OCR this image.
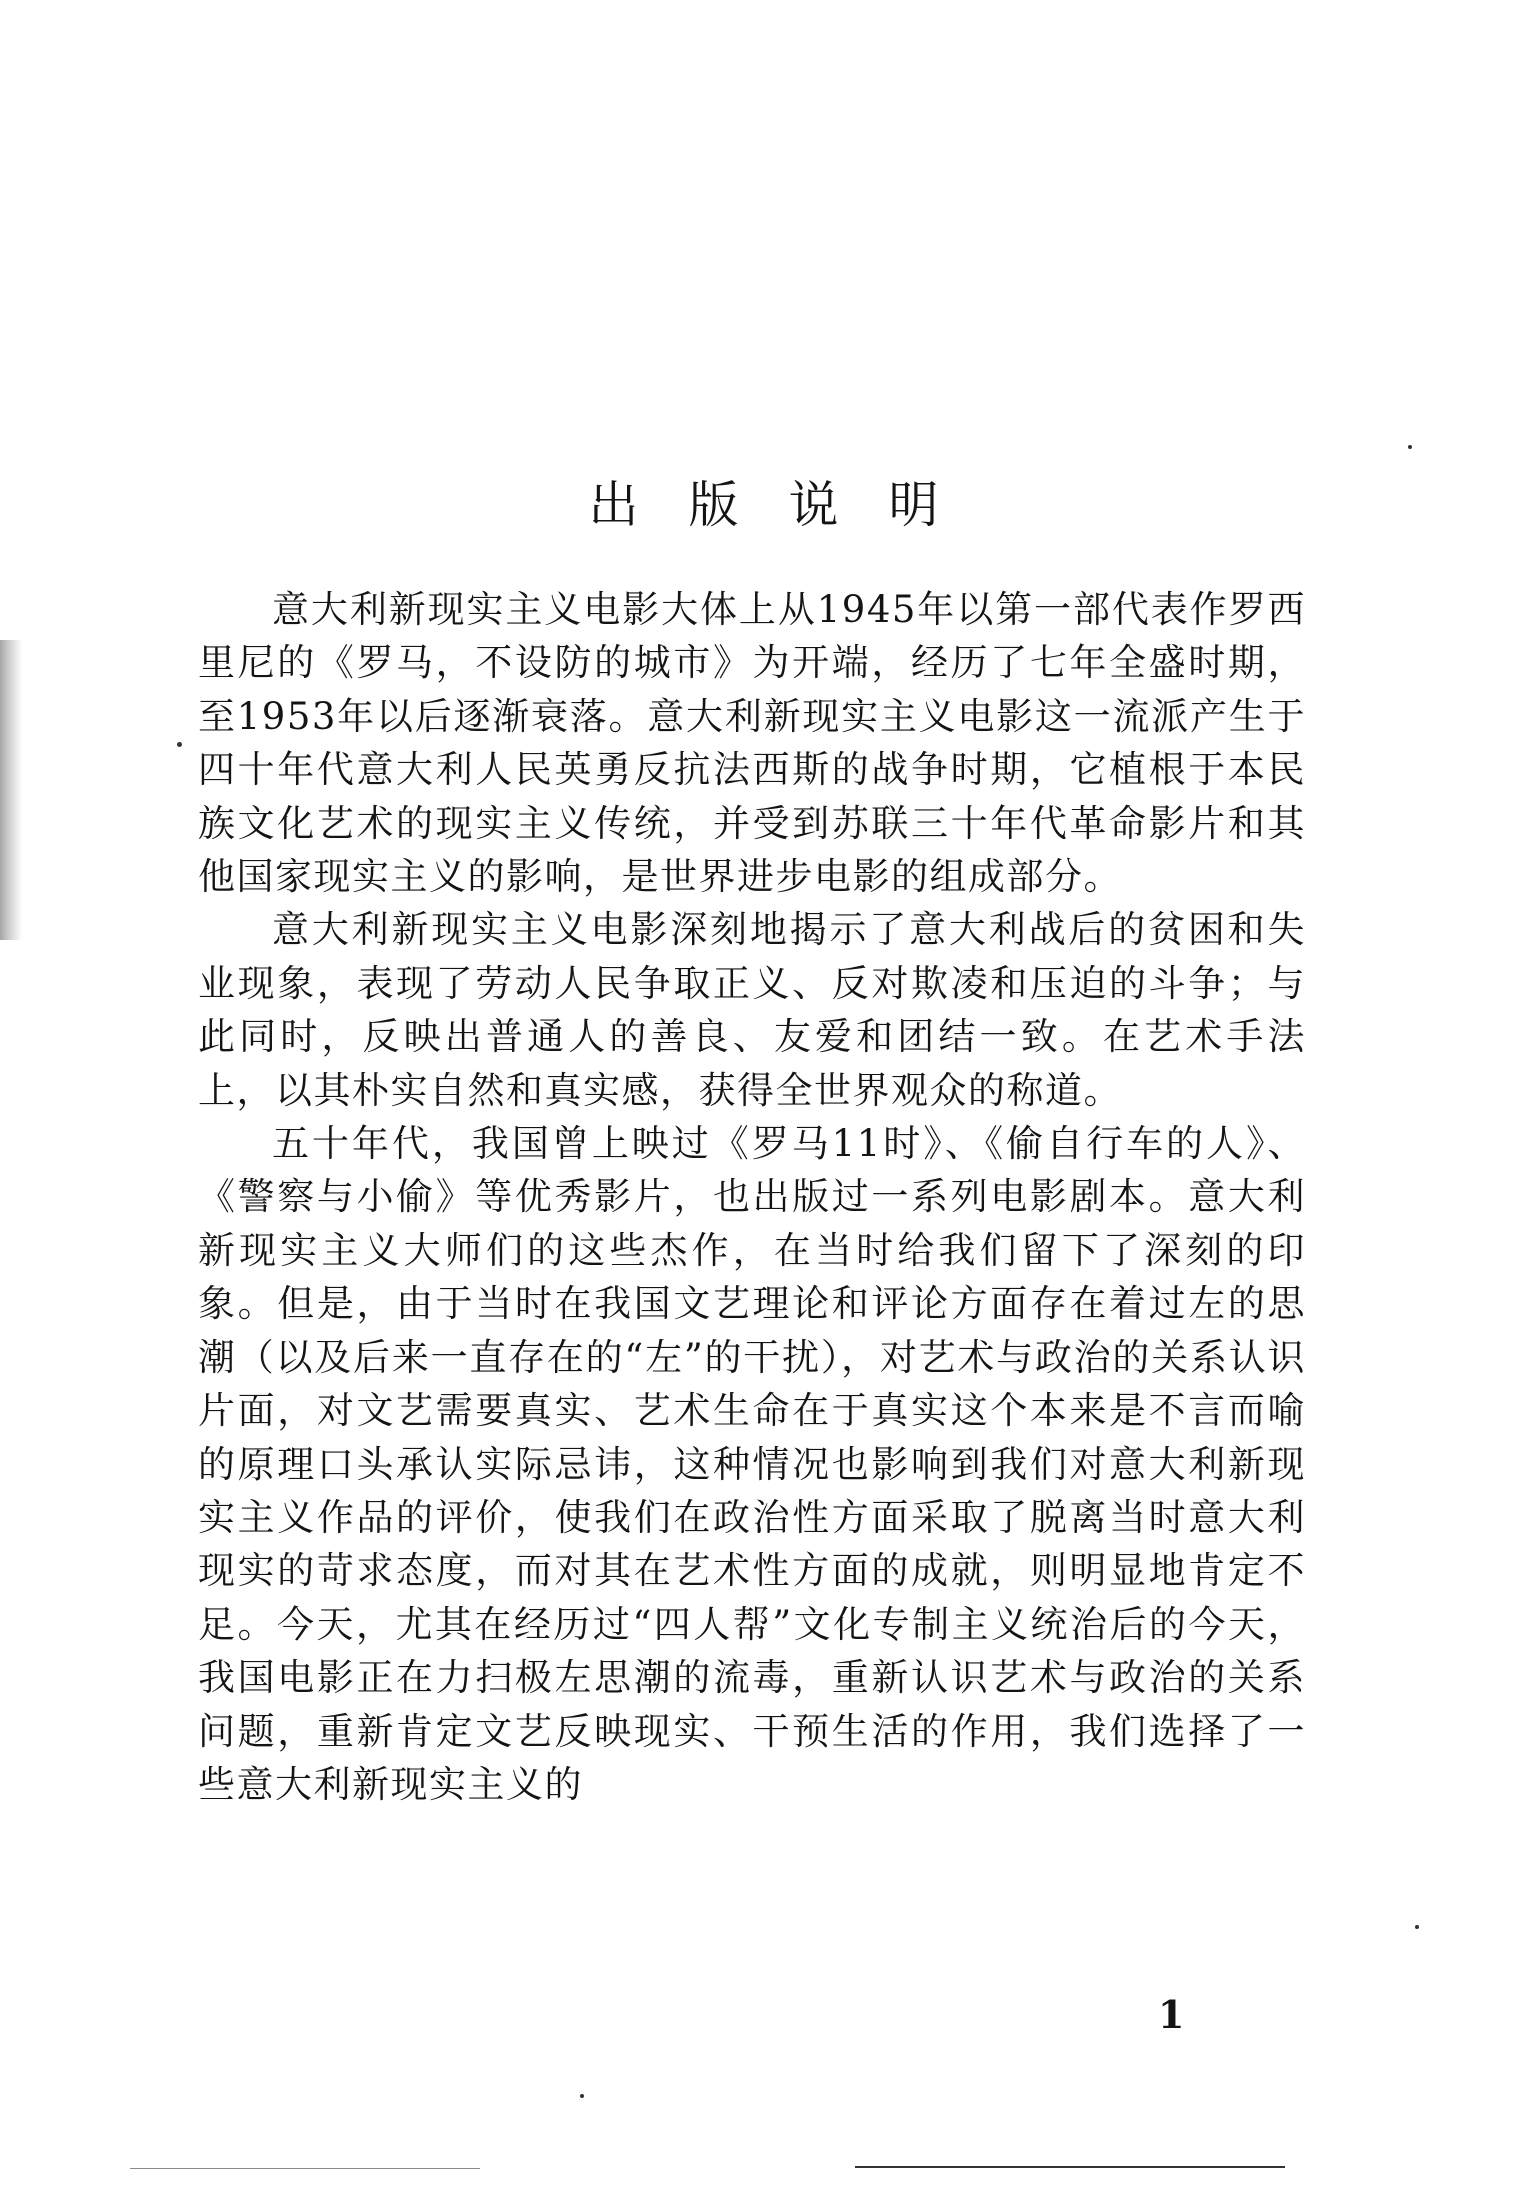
出版说明

意大利新现实主义电影大体上从1945年以第一部代表作罗西里尼的《罗马，不设防的城市》为开端，经历了七年全盛时期，至1953年以后逐渐衰落。意大利新现实主义电影这一流派产生于四十年代意大利人民英勇反抗法西斯的战争时期，它植根于本民族文化艺术的现实主义传统，并受到苏联三十年代革命影片和其他国家现实主义的影响，是世界进步电影的组成部分。

意大利新现实主义电影深刻地揭示了意大利战后的贫困和失业现象，表现了劳动人民争取正义、反对欺凌和压迫的斗争；与此同时，反映出普通人的善良、友爱和团结一致。在艺术手法上，以其朴实自然和真实感，获得全世界观众的称道。

五十年代，我国曾上映过《罗马11时》、《偷自行车的人》、《警察与小偷》等优秀影片，也出版过一系列电影剧本。意大利新现实主义大师们的这些杰作，在当时给我们留下了深刻的印象。但是，由于当时在我国文艺理论和评论方面存在着过左的思潮（以及后来一直存在的“左”的干扰），对艺术与政治的关系认识片面，对文艺需要真实、艺术生命在于真实这个本来是不言而喻的原理口头承认实际忌讳，这种情况也影响到我们对意大利新现实主义作品的评价，使我们在政治性方面采取了脱离当时意大利现实的苛求态度，而对其在艺术性方面的成就，则明显地肯定不足。今天，尤其在经历过“四人帮”文化专制主义统治后的今天，我国电影正在力扫极左思潮的流毒，重新认识艺术与政治的关系问题，重新肯定文艺反映现实、干预生活的作用，我们选择了一些意大利新现实主义的

1
